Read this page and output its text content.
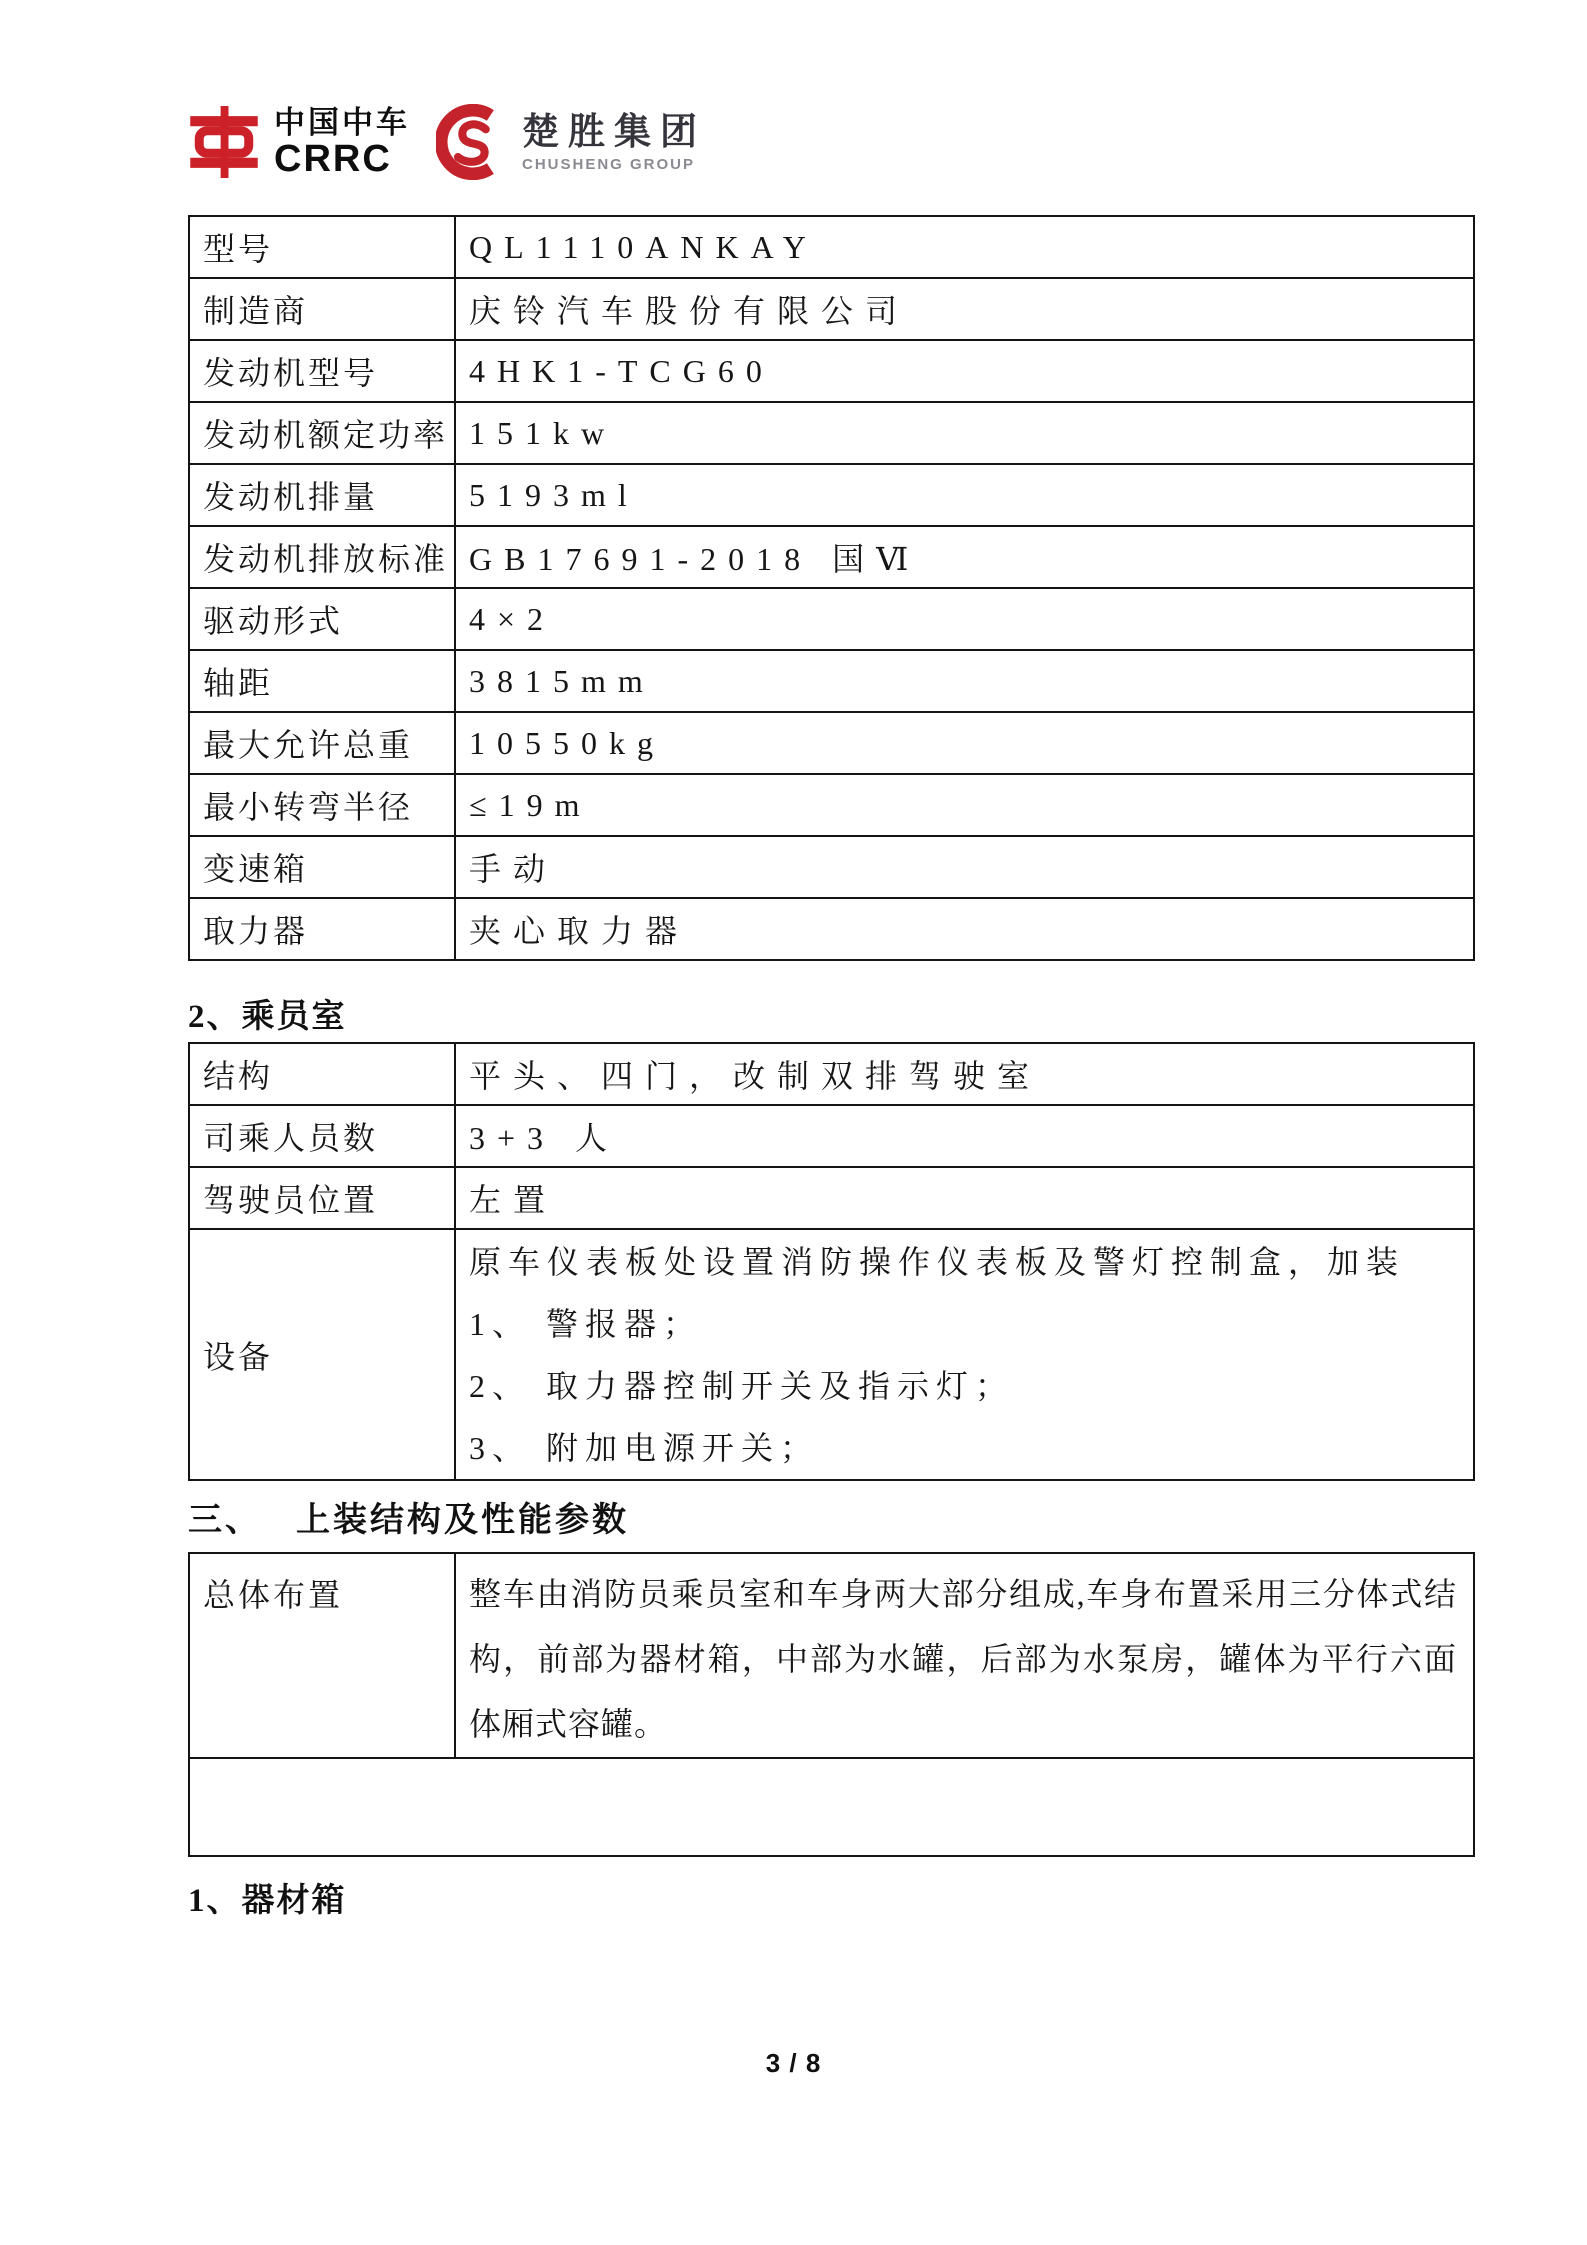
中国中车
CRRC
楚胜集团
CHUSHENG GROUP
型号	QL1110ANKAY
制造商	庆铃汽车股份有限公司
发动机型号	4HK1-TCG60
发动机额定功率	151kw
发动机排量	5193ml
发动机排放标准	GB17691-2018 国Ⅵ
驱动形式	4×2
轴距	3815mm
最大允许总重	10550kg
最小转弯半径	≤19m
变速箱	手动
取力器	夹心取力器
2、乘员室
结构	平头、四门，改制双排驾驶室
司乘人员数	3+3 人
驾驶员位置	左置
设备	原车仪表板处设置消防操作仪表板及警灯控制盒，加装
1、 警报器；
2、 取力器控制开关及指示灯；
3、 附加电源开关；
三、 上装结构及性能参数
总体布置	整车由消防员乘员室和车身两大部分组成,车身布置采用三分体式结构，前部为器材箱，中部为水罐，后部为水泵房，罐体为平行六面体厢式容罐。

1、器材箱
3 / 8
